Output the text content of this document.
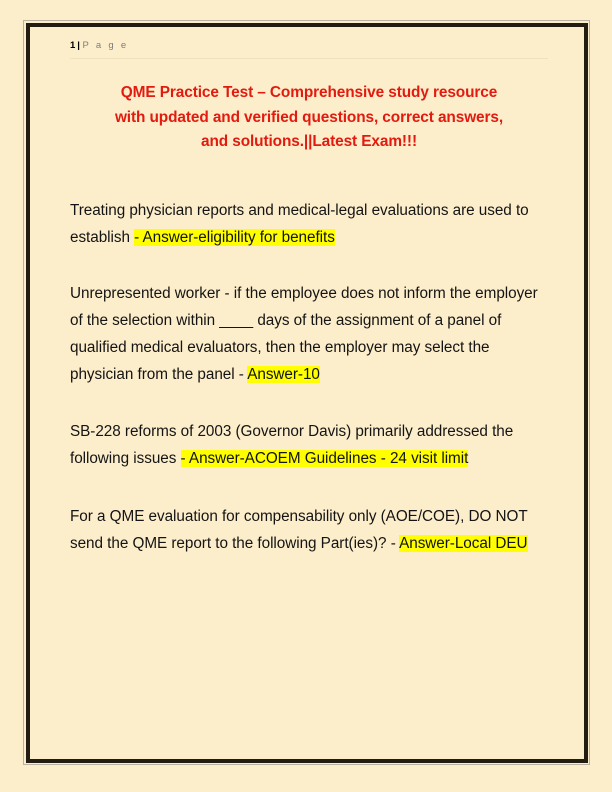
1 | P a g e
QME Practice Test – Comprehensive study resource
with updated and verified questions, correct answers,
and solutions.||Latest Exam!!!

Treating physician reports and medical-legal evaluations are used to establish - Answer-eligibility for benefits

Unrepresented worker - if the employee does not inform the employer of the selection within ____ days of the assignment of a panel of qualified medical evaluators, then the employer may select the physician from the panel - Answer-10

SB-228 reforms of 2003 (Governor Davis) primarily addressed the following issues - Answer-ACOEM Guidelines - 24 visit limit

For a QME evaluation for compensability only (AOE/COE), DO NOT send the QME report to the following Part(ies)? - Answer-Local DEU
